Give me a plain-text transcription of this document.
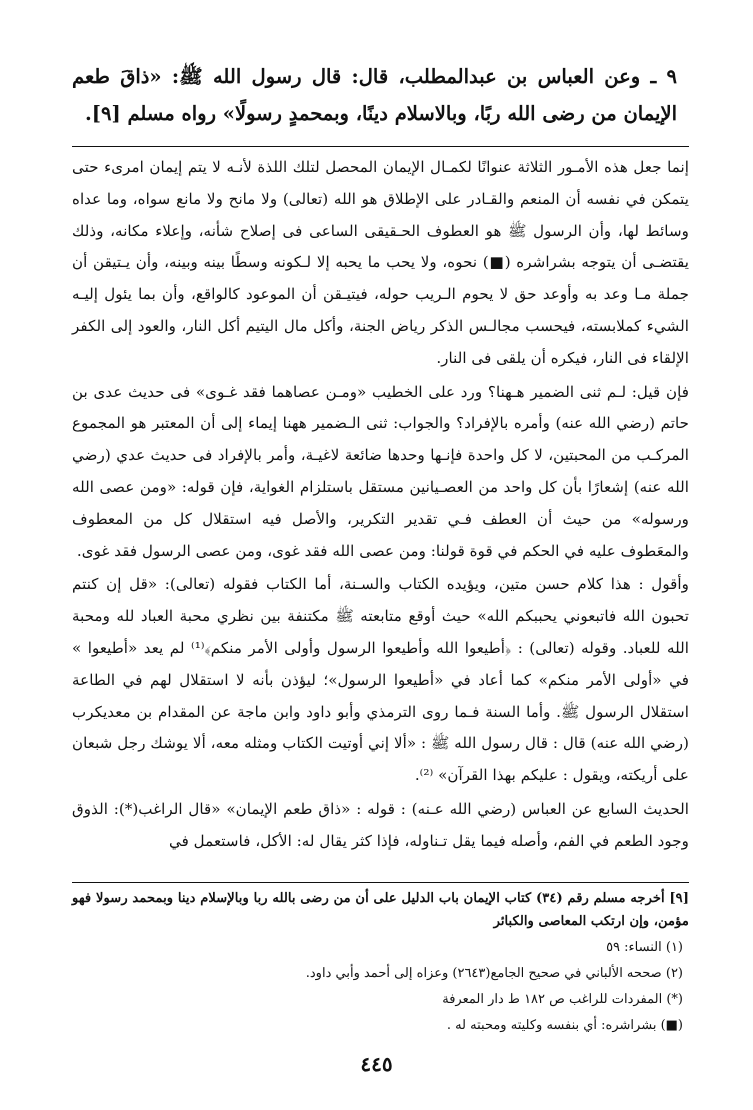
٩ ـ وعن العباس بن عبدالمطلب، قال: قال رسول الله ﷺ: «ذاقَ طعم الإيمان من رضى الله ربًا، وبالاسلام دينًا، وبمحمدٍ رسولًا» رواه مسلم [٩].

إنما جعل هذه الأمـور الثلاثة عنوانًا لكمـال الإيمان المحصل لتلك اللذة لأنـه لا يتم إيمان امرىء حتى يتمكن في نفسه أن المنعم والقـادر على الإطلاق هو الله (تعالى) ولا مانح ولا مانع سواه، وما عداه وسائط لها، وأن الرسول ﷺ هو العطوف الحـقيقى الساعى فى إصلاح شأنه، وإعلاء مكانه، وذلك يقتضـى أن يتوجه بشراشره (■) نحوه، ولا يحب ما يحبه إلا لـكونه وسطًا بينه وبينه، وأن يـتيقن أن جملة مـا وعد به وأوعد حق لا يحوم الـريب حوله، فيتيـقن أن الموعود كالواقع، وأن بما يئول إليـه الشيء كملابسته، فيحسب مجالـس الذكر رياض الجنة، وأكل مال اليتيم أكل النار، والعود إلى الكفر الإلقاء فى النار، فيكره أن يلقى فى النار.

فإن قيل: لـم ثنى الضمير هـهنا؟ ورد على الخطيب «ومـن عصاهما فقد غـوى» فى حديث عدى بن حاتم (رضي الله عنه) وأمره بالإفراد؟ والجواب: ثنى الـضمير ههنا إيماء إلى أن المعتبر هو المجموع المركـب من المحبتين، لا كل واحدة فإنـها وحدها ضائعة لاغيـة، وأمر بالإفراد فى حديث عدي (رضي الله عنه) إشعارًا بأن كل واحد من العصـيانين مستقل باستلزام الغواية، فإن قوله: «ومن عصى الله ورسوله» من حيث أن العطف فـي تقدير التكرير، والأصل فيه استقلال كل من المعطوف والمعَطوف عليه في الحكم في قوة قولنا: ومن عصى الله فقد غوى، ومن عصى الرسول فقد غوى.

وأقول : هذا كلام حسن متين، ويؤيده الكتاب والسـنة، أما الكتاب فقوله (تعالى): «قل إن كنتم تحبون الله فاتبعوني يحببكم الله» حيث أوقع متابعته ﷺ مكتنفة بين نظري محبة العباد لله ومحبة الله للعباد. وقوله (تعالى) : ﴿أطيعوا الله وأطيعوا الرسول وأولى الأمر منكم﴾⁽¹⁾ لم يعد «أطيعوا » في «أولى الأمر منكم» كما أعاد في «أطيعوا الرسول»؛ ليؤذن بأنه لا استقلال لهم في الطاعة استقلال الرسول ﷺ. وأما السنة فـما روى الترمذي وأبو داود وابن ماجة عن المقدام بن معديكرب (رضي الله عنه) قال : قال رسول الله ﷺ : «ألا إني أوتيت الكتاب ومثله معه، ألا يوشك رجل شبعان على أريكته، ويقول : عليكم بهذا القرآن» ⁽²⁾.

الحديث السابع عن العباس (رضي الله عـنه) : قوله : «ذاق طعم الإيمان» «قال الراغب(*): الذوق وجود الطعم في الفم، وأصله فيما يقل تـناوله، فإذا كثر يقال له: الأكل، فاستعمل في

[٩] أخرجه مسلم رقم (٣٤) كتاب الإيمان باب الدليل على أن من رضى بالله ربا وبالإسلام دينا وبمحمد رسولا فهو مؤمن، وإن ارتكب المعاصى والكبائر

(١) النساء: ٥٩

(٢) صححه الألباني في صحيح الجامع(٢٦٤٣) وعزاه إلى أحمد وأبي داود.

(*) المفردات للراغب ص ١٨٢ ط دار المعرفة

(■) بشراشره: أي بنفسه وكليته ومحبته له .

٤٤٥
